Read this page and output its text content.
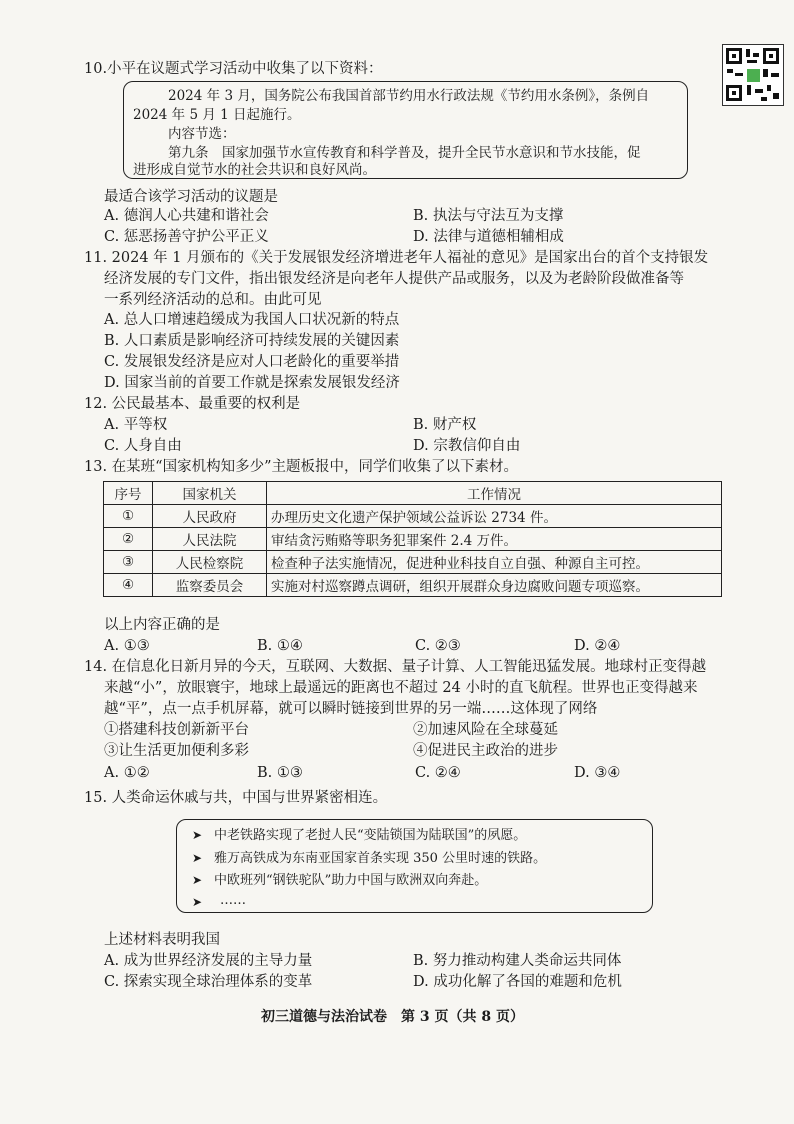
10.小平在议题式学习活动中收集了以下资料：
2024 年 3 月，国务院公布我国首部节约用水行政法规《节约用水条例》，条例自
2024 年 5 月 1 日起施行。
内容节选：
第九条　国家加强节水宣传教育和科学普及，提升全民节水意识和节水技能，促
进形成自觉节水的社会共识和良好风尚。
最适合该学习活动的议题是
A. 德润人心共建和谐社会	B. 执法与守法互为支撑
C. 惩恶扬善守护公平正义	D. 法律与道德相辅相成
11. 2024 年 1 月颁布的《关于发展银发经济增进老年人福祉的意见》是国家出台的首个支持银发
经济发展的专门文件，指出银发经济是向老年人提供产品或服务，以及为老龄阶段做准备等
一系列经济活动的总和。由此可见
A. 总人口增速趋缓成为我国人口状况新的特点
B. 人口素质是影响经济可持续发展的关键因素
C. 发展银发经济是应对人口老龄化的重要举措
D. 国家当前的首要工作就是探索发展银发经济
12. 公民最基本、最重要的权利是
A. 平等权	B. 财产权
C. 人身自由	D. 宗教信仰自由
13. 在某班“国家机构知多少”主题板报中，同学们收集了以下素材。
序号	国家机关	工作情况
①	人民政府	办理历史文化遗产保护领域公益诉讼 2734 件。
②	人民法院	审结贪污贿赂等职务犯罪案件 2.4 万件。
③	人民检察院	检查种子法实施情况，促进种业科技自立自强、种源自主可控。
④	监察委员会	实施对村巡察蹲点调研，组织开展群众身边腐败问题专项巡察。
以上内容正确的是
A. ①③	B. ①④	C. ②③	D. ②④
14. 在信息化日新月异的今天，互联网、大数据、量子计算、人工智能迅猛发展。地球村正变得越
来越“小”，放眼寰宇，地球上最遥远的距离也不超过 24 小时的直飞航程。世界也正变得越来
越“平”，点一点手机屏幕，就可以瞬时链接到世界的另一端……这体现了网络
①搭建科技创新新平台	②加速风险在全球蔓延
③让生活更加便利多彩	④促进民主政治的进步
A. ①②	B. ①③	C. ②④	D. ③④
15. 人类命运休戚与共，中国与世界紧密相连。
➤ 中老铁路实现了老挝人民“变陆锁国为陆联国”的夙愿。
➤ 雅万高铁成为东南亚国家首条实现 350 公里时速的铁路。
➤ 中欧班列“钢铁驼队”助力中国与欧洲双向奔赴。
➤ ……
上述材料表明我国
A. 成为世界经济发展的主导力量	B. 努力推动构建人类命运共同体
C. 探索实现全球治理体系的变革	D. 成功化解了各国的难题和危机
初三道德与法治试卷　第 3 页（共 8 页）
